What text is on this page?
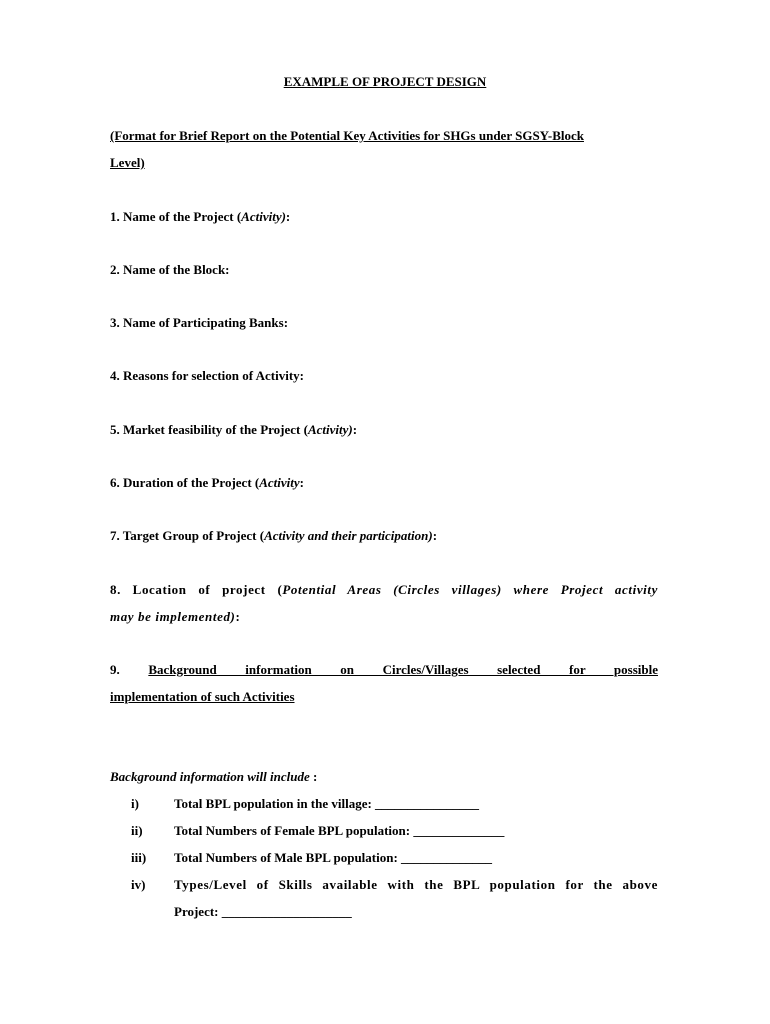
EXAMPLE OF PROJECT DESIGN
(Format for Brief Report on the Potential Key Activities for SHGs under SGSY-Block
Level)
1. Name of the Project (Activity):
2. Name of the Block:
3. Name of Participating Banks:
4. Reasons for selection of Activity:
5. Market feasibility of the Project (Activity):
6. Duration of the Project (Activity:
7. Target Group of Project (Activity and their participation):
8. Location of project (Potential Areas (Circles villages) where Project activity
may be implemented):
9. Background information on Circles/Villages selected for possible
implementation of such Activities
Background information will include :
i)	Total BPL population in the village: ________________
ii) Total Numbers of Female BPL population: ______________
iii) Total Numbers of Male BPL population: ______________
iv) Types/Level of Skills available with the BPL population for the above
Project: ____________________
